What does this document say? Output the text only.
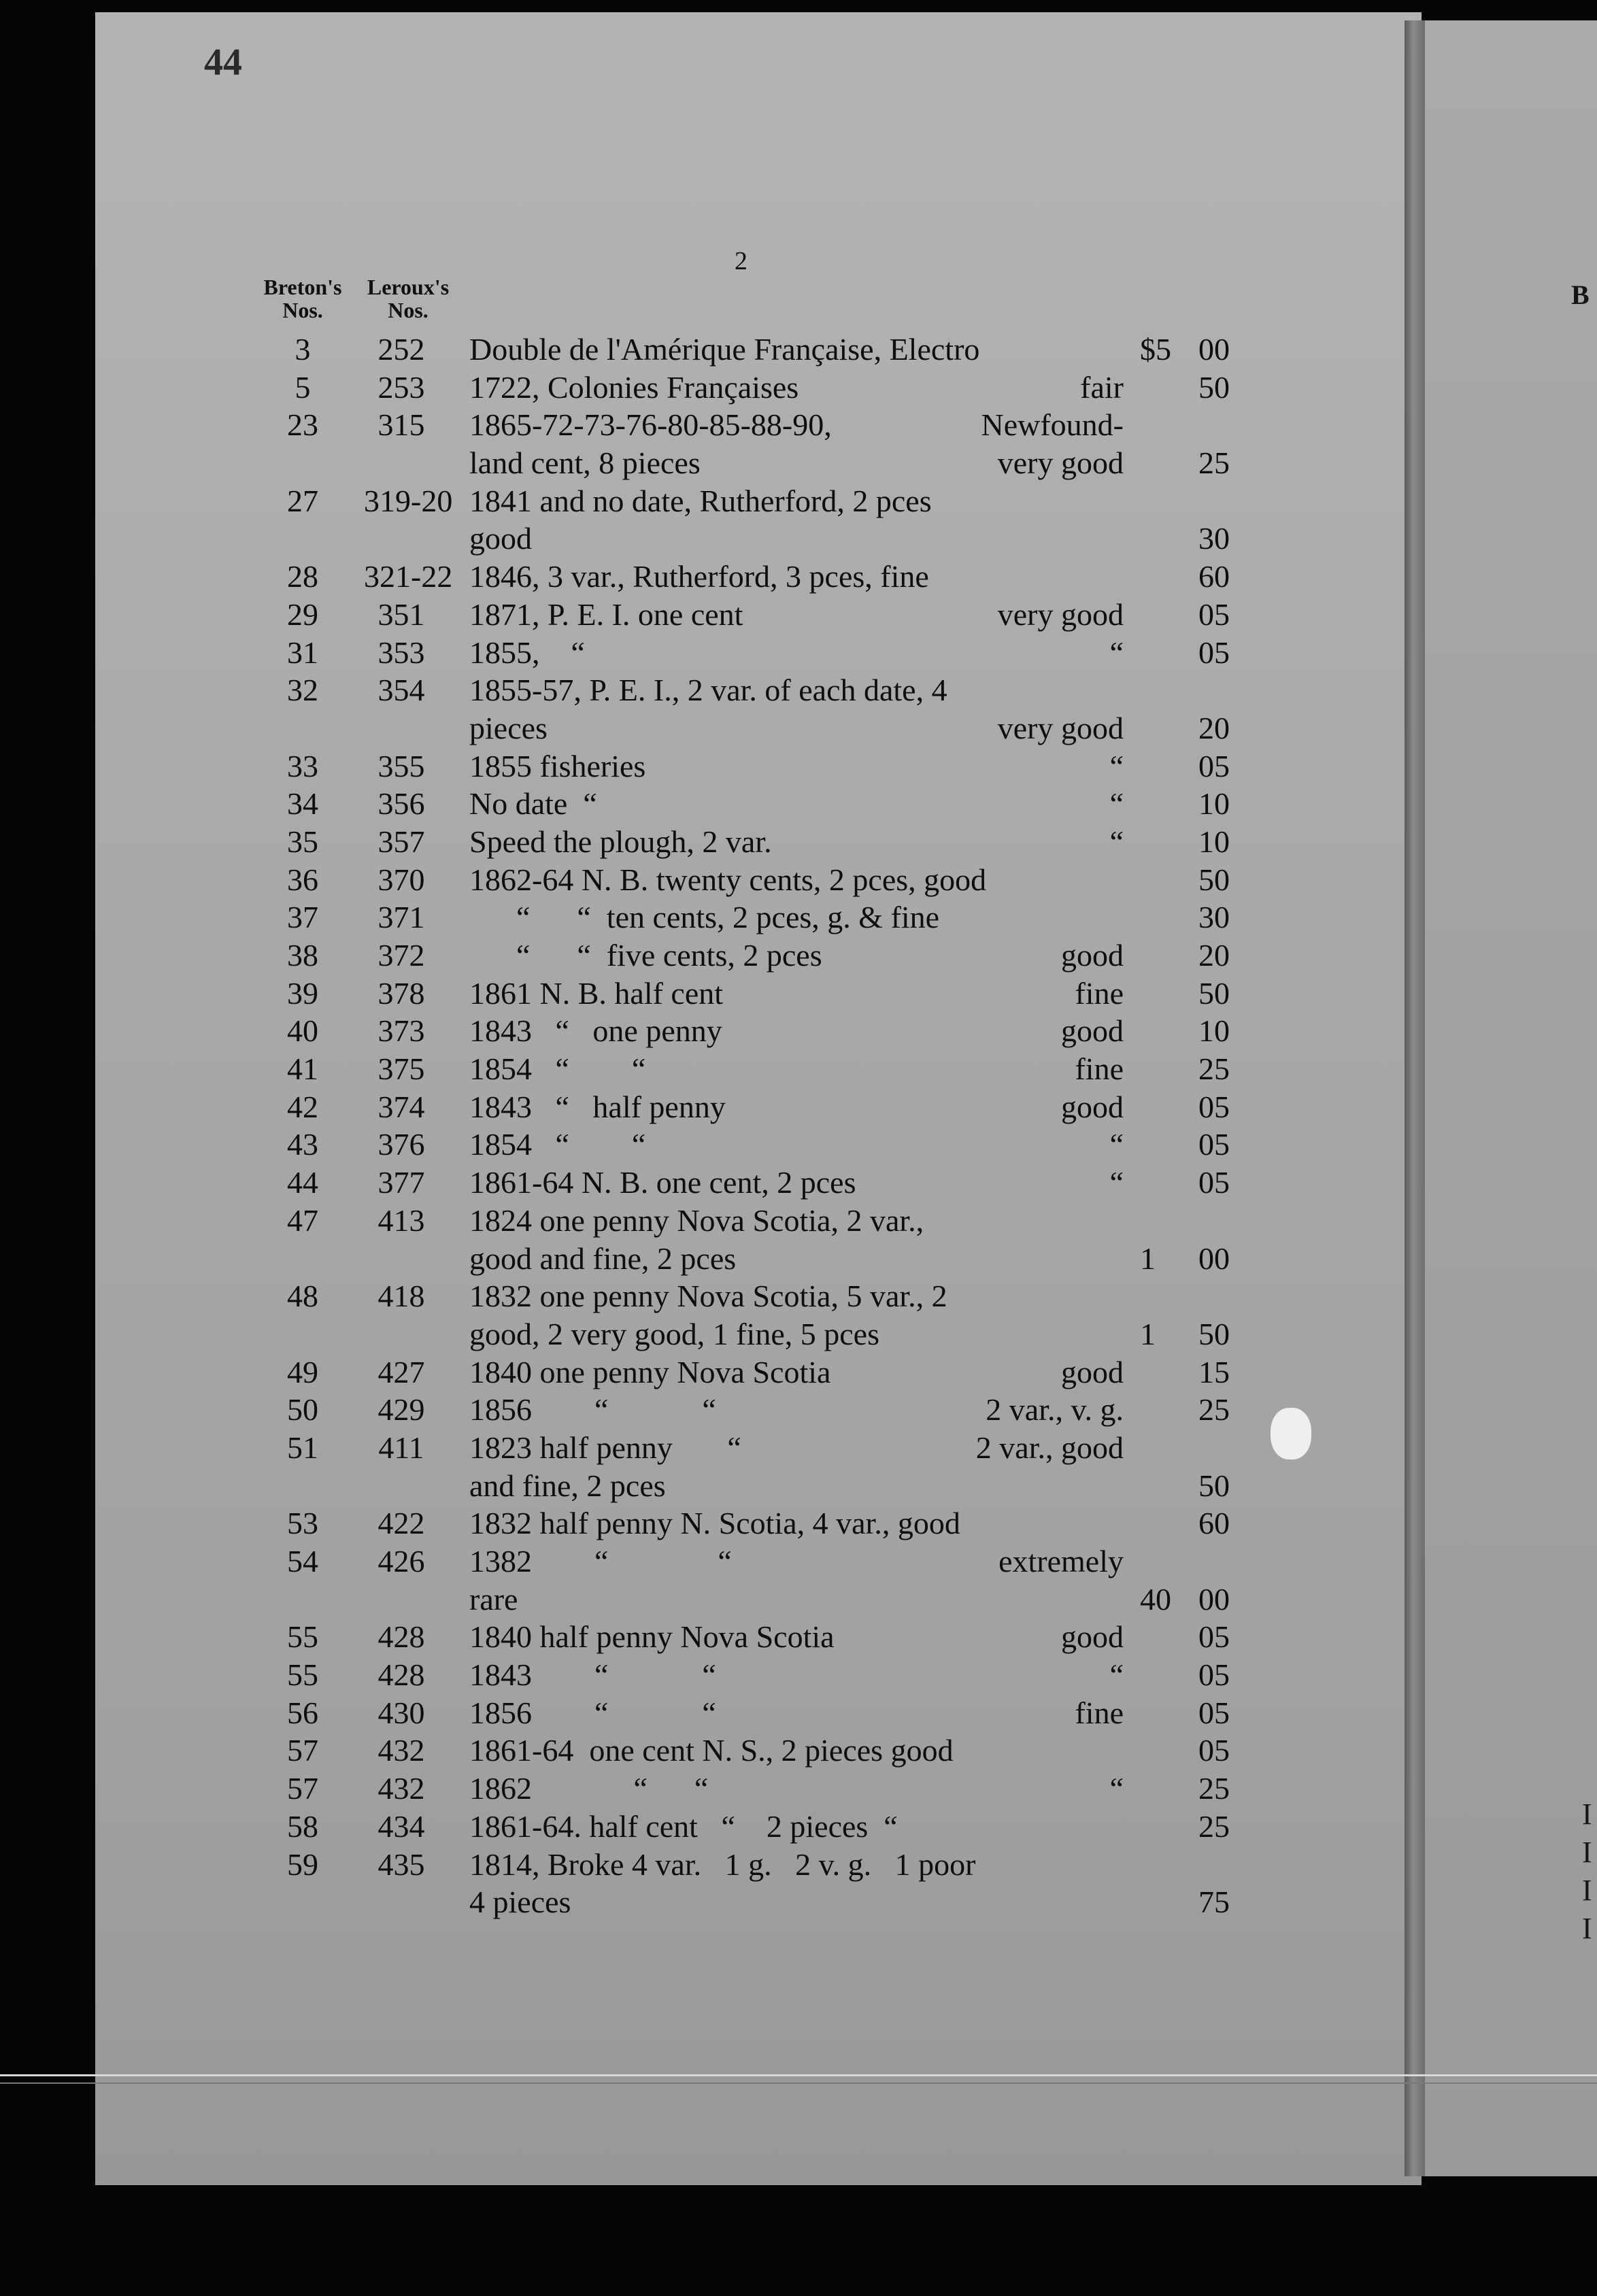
B
I
I
I
I
44
2
Breton's
Nos.
Leroux's
Nos.
3	252	Double de l'Amérique Française, Electro	$5 00
5	253	1722, Colonies Françaises	fair 50
23	315	1865-72-73-76-80-85-88-90,	Newfound-
land cent, 8 pieces	very good 25
27	319-20 1841 and no date, Rutherford, 2 pces
good	30
28	321-22 1846, 3 var., Rutherford, 3 pces, fine	60
29	351	1871, P. E. I. one cent	very good 05
31	353	1855,    “	“ 05
32	354	1855-57, P. E. I., 2 var. of each date, 4
pieces	very good 20
33	355	1855 fisheries	“ 05
34	356	No date  “	“ 10
35	357	Speed the plough, 2 var.	“ 10
36	370	1862-64 N. B. twenty cents, 2 pces, good	50
37	371	“      “  ten cents, 2 pces, g. & fine	30
38	372	“      “  five cents, 2 pces	good 20
39	378	1861 N. B. half cent	fine 50
40	373	1843   “   one penny	good 10
41	375	1854   “        “	fine 25
42	374	1843   “   half penny	good 05
43	376	1854   “        “	“ 05
44	377	1861-64 N. B. one cent, 2 pces	“ 05
47	413	1824 one penny Nova Scotia, 2 var.,
good and fine, 2 pces	1 00
48	418	1832 one penny Nova Scotia, 5 var., 2
good, 2 very good, 1 fine, 5 pces	1 50
49	427	1840 one penny Nova Scotia	good 15
50	429	1856        “            “	2 var., v. g. 25
51	411	1823 half penny       “	2 var., good
and fine, 2 pces	50
53	422	1832 half penny N. Scotia, 4 var., good	60
54	426	1382        “              “	extremely
rare	40 00
55	428	1840 half penny Nova Scotia	good 05
55	428	1843        “            “	“ 05
56	430	1856        “            “	fine 05
57	432	1861-64  one cent N. S., 2 pieces good	05
57	432	1862             “      “	“ 25
58	434	1861-64. half cent   “    2 pieces  “	25
59	435	1814, Broke 4 var.   1 g.   2 v. g.   1 poor
4 pieces	75
